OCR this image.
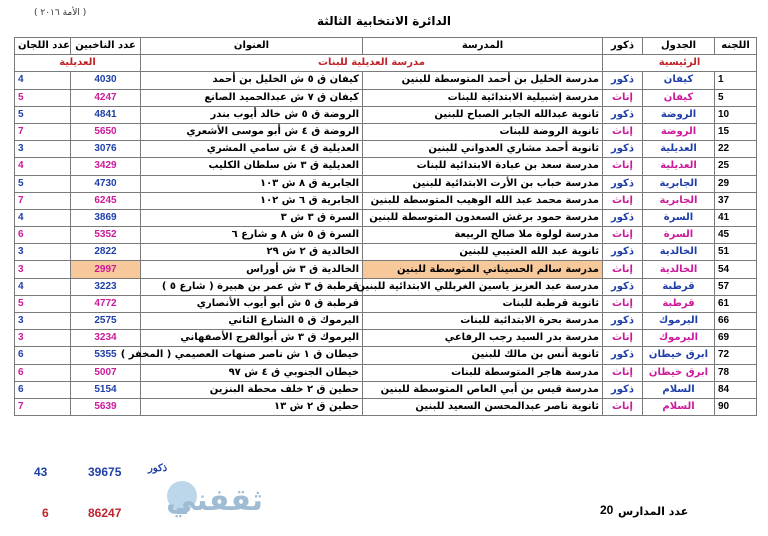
( الأمة ٢٠١٦ )
الدائرة الانتخابية الثالثة
عدد اللجان	عدد الناخبين	العنوان	المدرسة	ذكور	الجدول	اللجنه
العديلية		مدرسة العديلية للبنات		الرئيسية		
4	4030	كيفان ق ٥ ش الخليل بن أحمد	مدرسة الخليل بن أحمد المتوسطة للبنين	ذكور	كيفان	1
5	4247	كيفان ق ٧ ش عبدالحميد الصانع	مدرسة إشبيلية الابتدائية للبنات	إناث	كيفان	5
5	4841	الروضة ق ٥ ش خالد أيوب بندر	ثانوية عبدالله الجابر الصباح للبنين	ذكور	الروضة	10
7	5650	الروضة ق ٤ ش أبو موسى الأشعري	ثانوية الروضة للبنات	إناث	الروضة	15
3	3076	العديلية ق ٤ ش سامي المشري	ثانوية أحمد مشاري العدواني للبنين	ذكور	العديلية	22
4	3429	العديلية ق ٣ ش سلطان الكليب	مدرسة سعد بن عبادة الابتدائية للبنات	إناث	العديلية	25
5	4730	الجابرية ق ٨ ش ١٠٣	مدرسة خباب بن الأرت الابتدائية للبنين	ذكور	الجابرية	29
7	6245	الجابرية ق ٦ ش ١٠٢	مدرسة محمد عبد الله الوهيب المتوسطة للبنين	إناث	الجابرية	37
4	3869	السرة ق ٣ ش ٣	مدرسة حمود برغش السعدون المتوسطة للبنين	ذكور	السرة	41
6	5352	السرة ق ٥ ش ٨ و شارع ٦	مدرسة لولوة ملا صالح الربيعة	إناث	السرة	45
3	2822	الخالدية ق ٢ ش ٢٩	ثانوية عبد الله العتيبي للبنين	ذكور	الخالدية	51
3	2997	الخالدية ق ٣ ش أوراس	مدرسة سالم الحسيناني المتوسطة للبنين	إناث	الخالدية	54
4	3223	قرطبة ق ٣ ش عمر بن هبيرة ( شارع ٥ )	مدرسة عبد العزيز ياسين الغربللي الابتدائية للبنين	ذكور	قرطبة	57
5	4772	قرطبة ق ٥ ش أبو أيوب الأنصاري	ثانوية قرطبة للبنات	إناث	قرطبة	61
3	2575	اليرموك ق ٥ الشارع الثاني	مدرسة بحرة الابتدائية للبنات	ذكور	اليرموك	66
3	3234	اليرموك ق ٣ ش أبوالفرج الأصفهاني	مدرسة بدر السيد رجب الرفاعي	إناث	اليرموك	69
6	5355	خيطان ق ١ ش ناصر صنهات العصيمي ( المخفر )	ثانوية أنس بن مالك للبنين	ذكور	ابرق خيطان	72
6	5007	خيطان الجنوبي ق ٤ ش ٩٧	مدرسة هاجر المتوسطة للبنات	إناث	ابرق خيطان	78
6	5154	حطين ق ٢ خلف محطة البنزين	مدرسة قيس بن أبي العاص المتوسطة للبنين	ذكور	السلام	84
7	5639	حطين ق ٢ ش ١٣	ثانوية ناصر عبدالمحسن السعيد للبنين	إناث	السلام	90
43	39675	ذكور
6	86247 ثقفني	عدد المدارس
20
